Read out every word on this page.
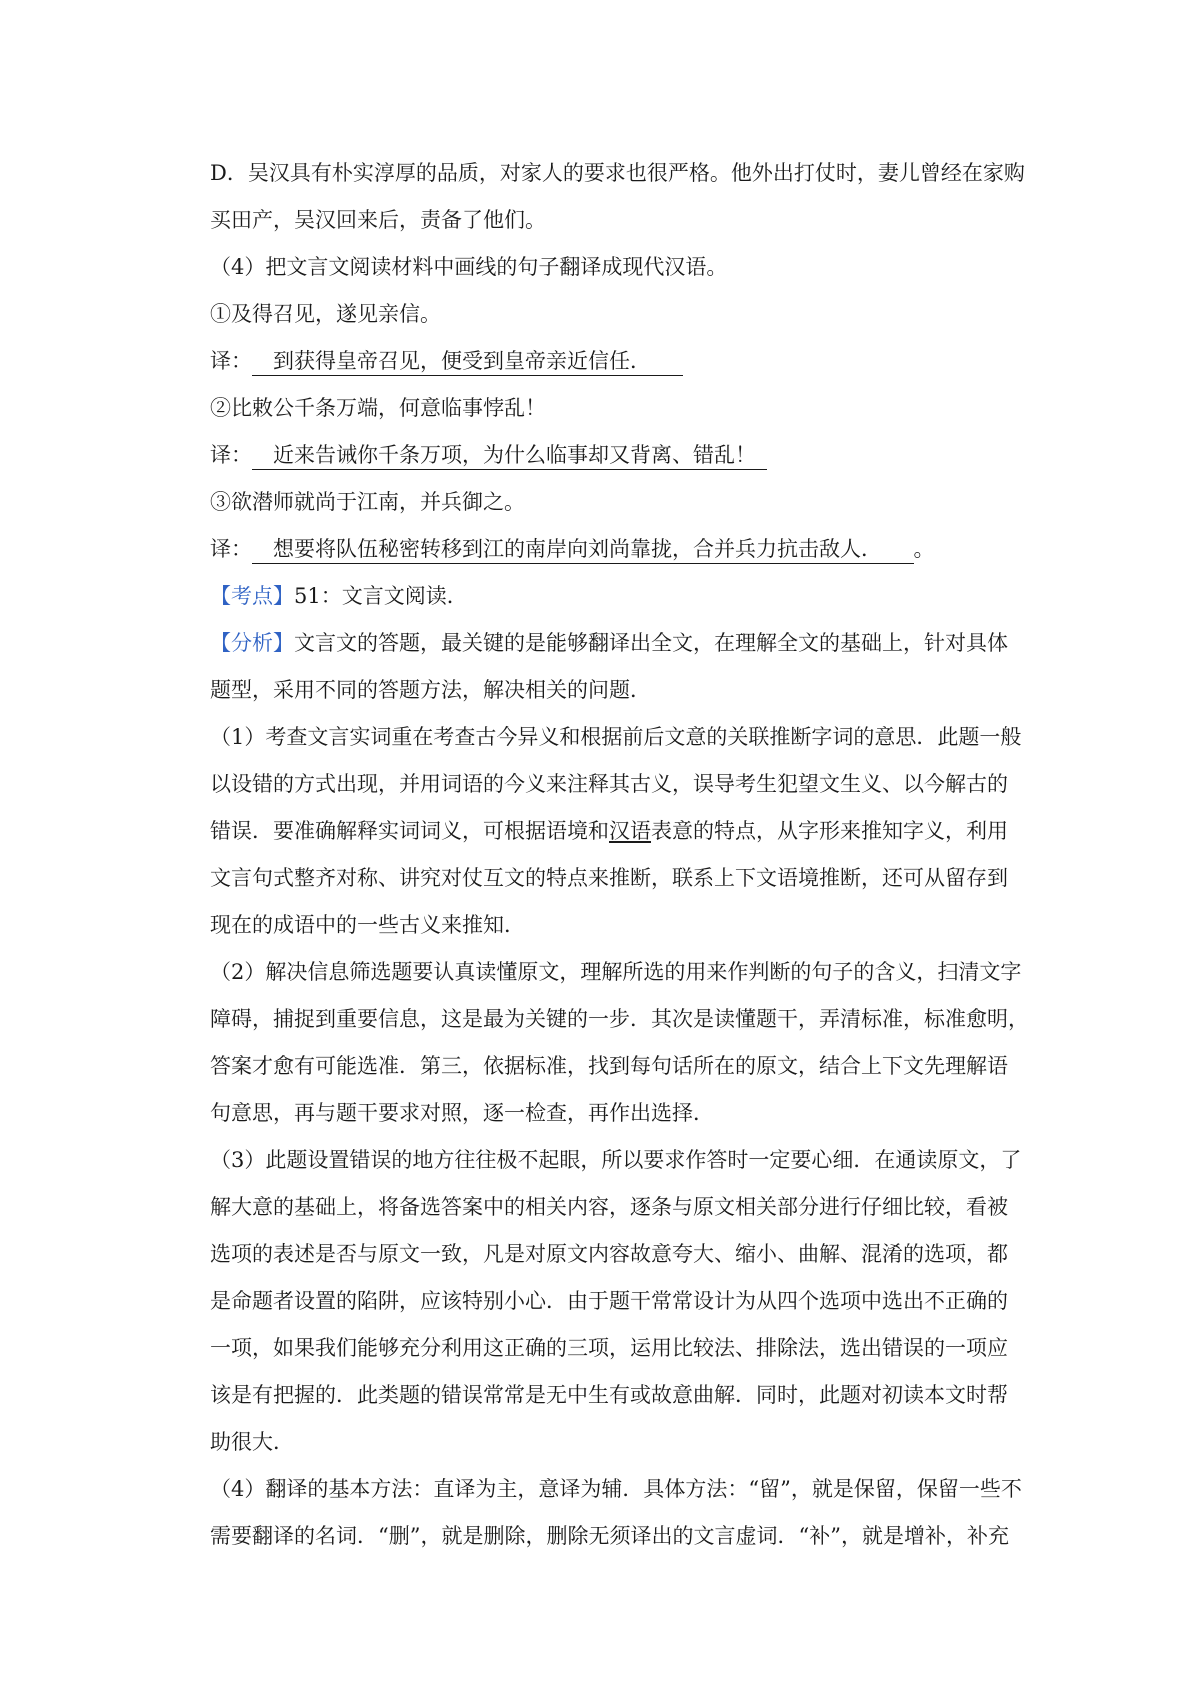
D．吴汉具有朴实淳厚的品质，对家人的要求也很严格。他外出打仗时，妻儿曾经在家购
买田产，吴汉回来后，责备了他们。
（4）把文言文阅读材料中画线的句子翻译成现代汉语。
①及得召见，遂见亲信。
译：  到获得皇帝召见，便受到皇帝亲近信任．  
②比敕公千条万端，何意临事悖乱！
译：  近来告诫你千条万项，为什么临事却又背离、错乱！ 
③欲潜师就尚于江南，并兵御之。
译：  想要将队伍秘密转移到江的南岸向刘尚靠拢，合并兵力抗击敌人．   。
【考点】51：文言文阅读．
【分析】文言文的答题，最关键的是能够翻译出全文，在理解全文的基础上，针对具体
题型，采用不同的答题方法，解决相关的问题．
（1）考查文言实词重在考查古今异义和根据前后文意的关联推断字词的意思．此题一般
以设错的方式出现，并用词语的今义来注释其古义，误导考生犯望文生义、以今解古的
错误．要准确解释实词词义，可根据语境和汉语表意的特点，从字形来推知字义，利用
文言句式整齐对称、讲究对仗互文的特点来推断，联系上下文语境推断，还可从留存到
现在的成语中的一些古义来推知．
（2）解决信息筛选题要认真读懂原文，理解所选的用来作判断的句子的含义，扫清文字
障碍，捕捉到重要信息，这是最为关键的一步．其次是读懂题干，弄清标准，标准愈明，
答案才愈有可能选准．第三，依据标准，找到每句话所在的原文，结合上下文先理解语
句意思，再与题干要求对照，逐一检查，再作出选择．
（3）此题设置错误的地方往往极不起眼，所以要求作答时一定要心细．在通读原文，了
解大意的基础上，将备选答案中的相关内容，逐条与原文相关部分进行仔细比较，看被
选项的表述是否与原文一致，凡是对原文内容故意夸大、缩小、曲解、混淆的选项，都
是命题者设置的陷阱，应该特别小心．由于题干常常设计为从四个选项中选出不正确的
一项，如果我们能够充分利用这正确的三项，运用比较法、排除法，选出错误的一项应
该是有把握的．此类题的错误常常是无中生有或故意曲解．同时，此题对初读本文时帮
助很大．
（4）翻译的基本方法：直译为主，意译为辅．具体方法：“留”，就是保留，保留一些不
需要翻译的名词．“删”，就是删除，删除无须译出的文言虚词．“补”，就是增补，补充
